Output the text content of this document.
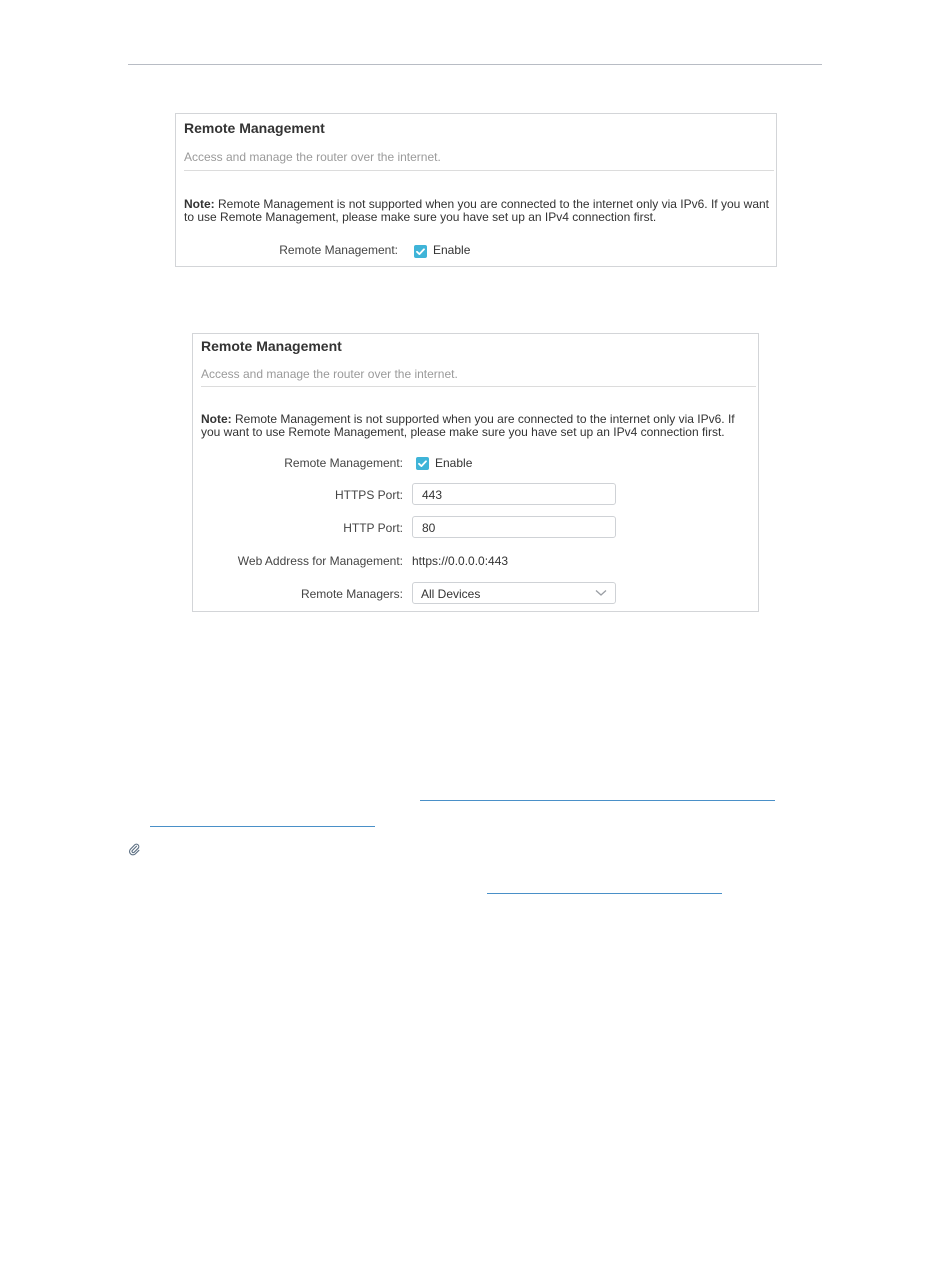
Remote Management
Access and manage the router over the internet.
Note: Remote Management is not supported when you are connected to the internet only via IPv6. If you want to use Remote Management, please make sure you have set up an IPv4 connection first.
Remote Management:	Enable
Remote Management
Access and manage the router over the internet.
Note: Remote Management is not supported when you are connected to the internet only via IPv6. If you want to use Remote Management, please make sure you have set up an IPv4 connection first.
Remote Management:	Enable
HTTPS Port: 443
HTTP Port: 80
Web Address for Management: https://0.0.0.0:443
Remote Managers: All Devices
